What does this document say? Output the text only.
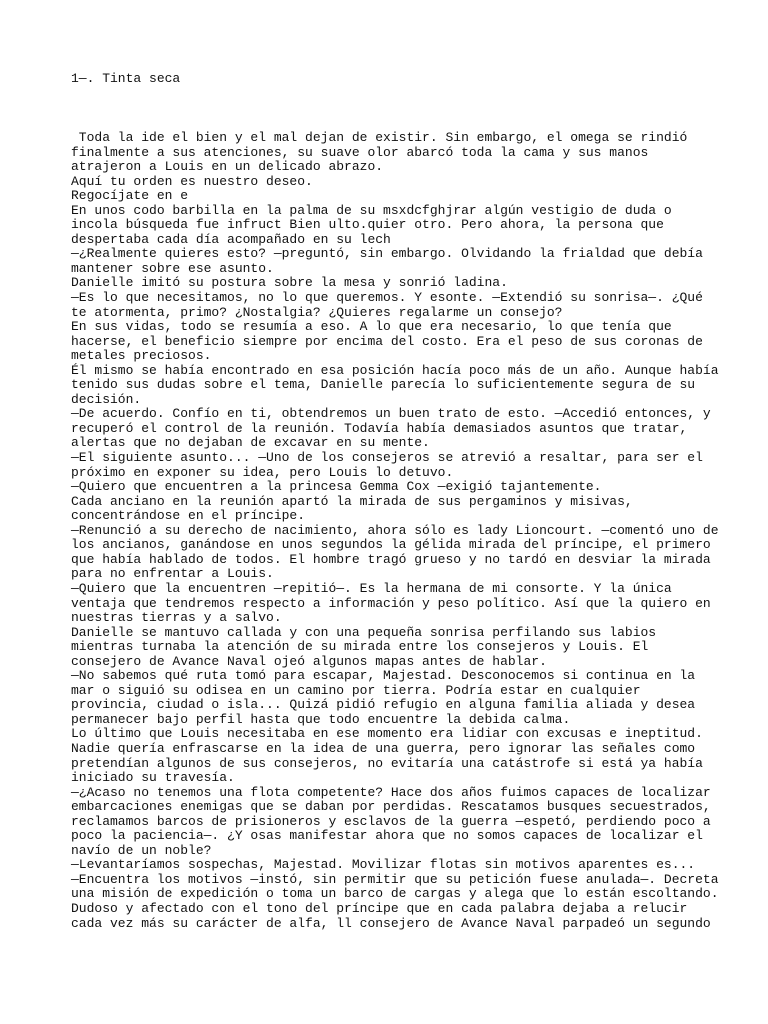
1—. Tinta seca

Toda la ide el bien y el mal dejan de existir. Sin embargo, el omega se rindió
finalmente a sus atenciones, su suave olor abarcó toda la cama y sus manos
atrajeron a Louis en un delicado abrazo.
Aquí tu orden es nuestro deseo.
Regocíjate en e
En unos codo barbilla en la palma de su msxdcfghjrar algún vestigio de duda o
incola búsqueda fue infruct Bien ulto.quier otro. Pero ahora, la persona que
despertaba cada día acompañado en su lech
—¿Realmente quieres esto? —preguntó, sin embargo. Olvidando la frialdad que debía
mantener sobre ese asunto.
Danielle imitó su postura sobre la mesa y sonrió ladina.
—Es lo que necesitamos, no lo que queremos. Y esonte. —Extendió su sonrisa—. ¿Qué
te atormenta, primo? ¿Nostalgia? ¿Quieres regalarme un consejo?
En sus vidas, todo se resumía a eso. A lo que era necesario, lo que tenía que
hacerse, el beneficio siempre por encima del costo. Era el peso de sus coronas de
metales preciosos.
Él mismo se había encontrado en esa posición hacía poco más de un año. Aunque había
tenido sus dudas sobre el tema, Danielle parecía lo suficientemente segura de su
decisión.
—De acuerdo. Confío en ti, obtendremos un buen trato de esto. —Accedió entonces, y
recuperó el control de la reunión. Todavía había demasiados asuntos que tratar,
alertas que no dejaban de excavar en su mente.
—El siguiente asunto... —Uno de los consejeros se atrevió a resaltar, para ser el
próximo en exponer su idea, pero Louis lo detuvo.
—Quiero que encuentren a la princesa Gemma Cox —exigió tajantemente.
Cada anciano en la reunión apartó la mirada de sus pergaminos y misivas,
concentrándose en el príncipe.
—Renunció a su derecho de nacimiento, ahora sólo es lady Lioncourt. —comentó uno de
los ancianos, ganándose en unos segundos la gélida mirada del príncipe, el primero
que había hablado de todos. El hombre tragó grueso y no tardó en desviar la mirada
para no enfrentar a Louis.
—Quiero que la encuentren —repitió—. Es la hermana de mi consorte. Y la única
ventaja que tendremos respecto a información y peso político. Así que la quiero en
nuestras tierras y a salvo.
Danielle se mantuvo callada y con una pequeña sonrisa perfilando sus labios
mientras turnaba la atención de su mirada entre los consejeros y Louis. El
consejero de Avance Naval ojeó algunos mapas antes de hablar.
—No sabemos qué ruta tomó para escapar, Majestad. Desconocemos si continua en la
mar o siguió su odisea en un camino por tierra. Podría estar en cualquier
provincia, ciudad o isla... Quizá pidió refugio en alguna familia aliada y desea
permanecer bajo perfil hasta que todo encuentre la debida calma.
Lo último que Louis necesitaba en ese momento era lidiar con excusas e ineptitud.
Nadie quería enfrascarse en la idea de una guerra, pero ignorar las señales como
pretendían algunos de sus consejeros, no evitaría una catástrofe si está ya había
iniciado su travesía.
—¿Acaso no tenemos una flota competente? Hace dos años fuimos capaces de localizar
embarcaciones enemigas que se daban por perdidas. Rescatamos busques secuestrados,
reclamamos barcos de prisioneros y esclavos de la guerra —espetó, perdiendo poco a
poco la paciencia—. ¿Y osas manifestar ahora que no somos capaces de localizar el
navío de un noble?
—Levantaríamos sospechas, Majestad. Movilizar flotas sin motivos aparentes es...
—Encuentra los motivos —instó, sin permitir que su petición fuese anulada—. Decreta
una misión de expedición o toma un barco de cargas y alega que lo están escoltando.
Dudoso y afectado con el tono del príncipe que en cada palabra dejaba a relucir
cada vez más su carácter de alfa, ll consejero de Avance Naval parpadeó un segundo
